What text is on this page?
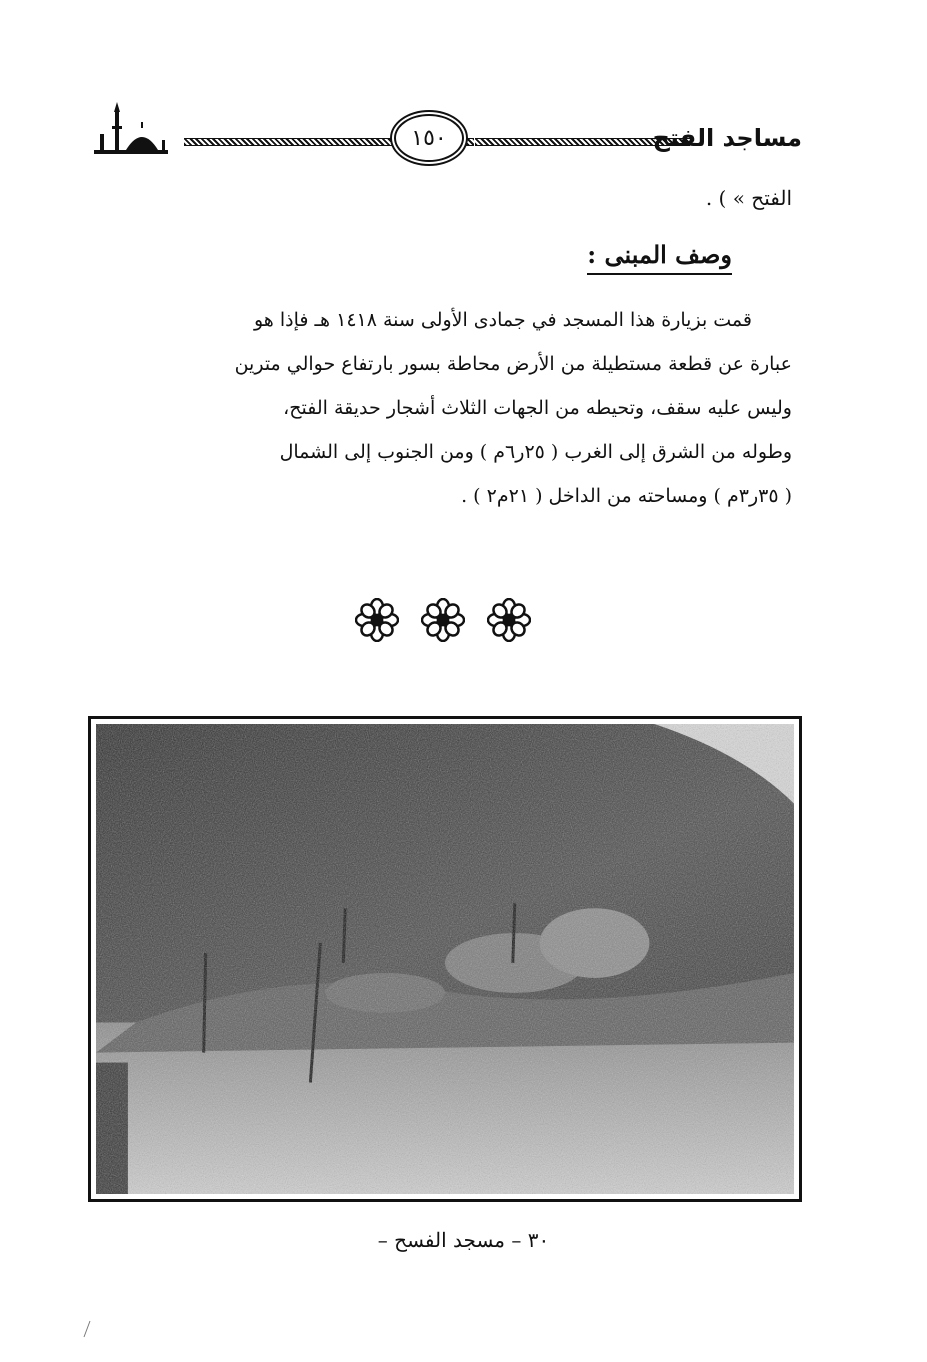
١٥٠	مساجد الفتح
الفتح » ) .
وصف المبنى :

قمت بزيارة هذا المسجد في جمادى الأولى سنة ١٤١٨ هـ فإذا هو

عبارة عن قطعة مستطيلة من الأرض محاطة بسور بارتفاع حوالي مترين

وليس عليه سقف، وتحيطه من الجهات الثلاث أشجار حديقة الفتح،

وطوله من الشرق إلى الغرب ( ٢٥ر٦م ) ومن الجنوب إلى الشمال

( ٣٥ر٣م ) ومساحته من الداخل ( ٢١م٢ ) .

٣٠ – مسجد الفسح –
